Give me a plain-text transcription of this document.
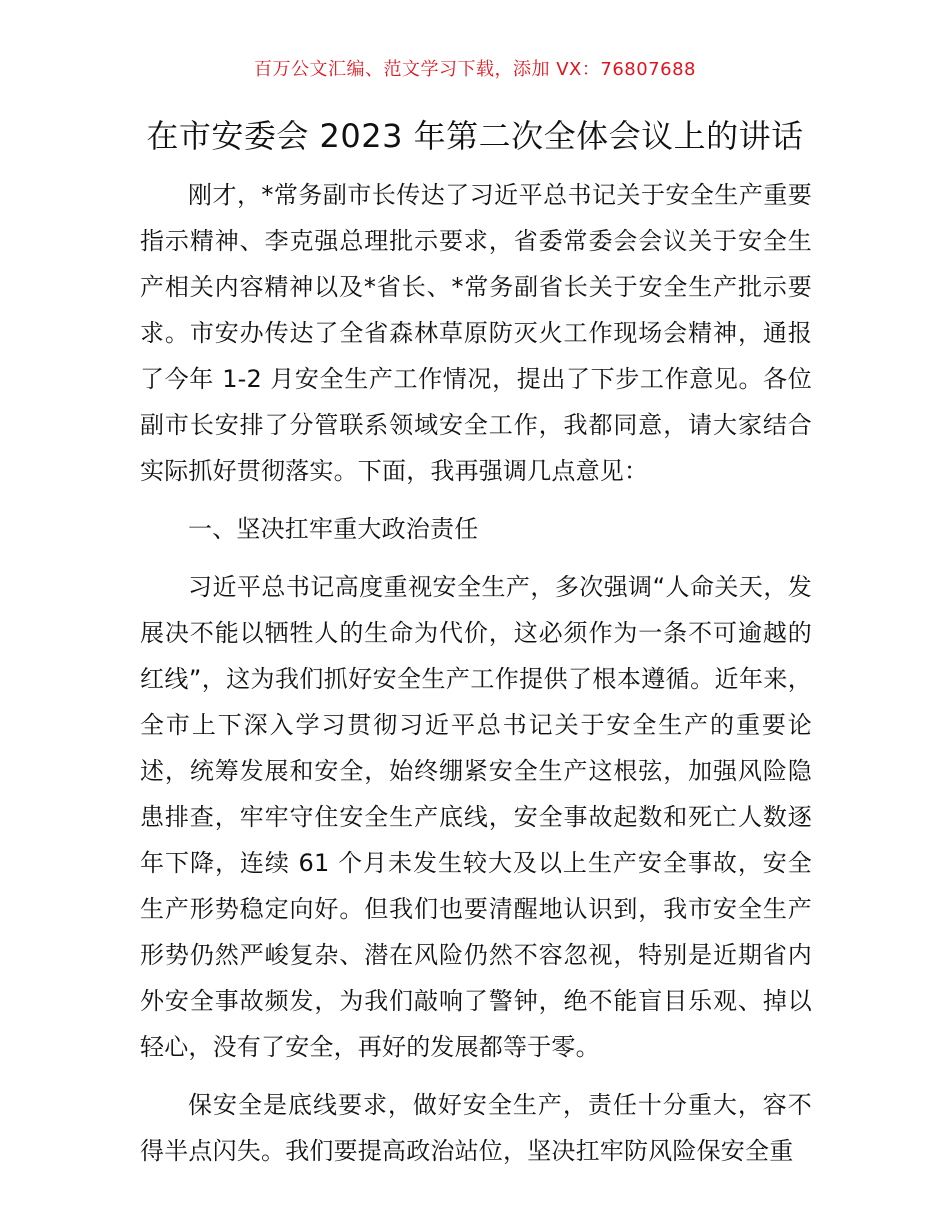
百万公文汇编、范文学习下载，添加 VX：76807688
在市安委会 2023 年第二次全体会议上的讲话

刚才，*常务副市长传达了习近平总书记关于安全生产重要指示精神、李克强总理批示要求，省委常委会会议关于安全生产相关内容精神以及*省长、*常务副省长关于安全生产批示要求。市安办传达了全省森林草原防灭火工作现场会精神，通报了今年 1-2 月安全生产工作情况，提出了下步工作意见。各位副市长安排了分管联系领域安全工作，我都同意，请大家结合实际抓好贯彻落实。下面，我再强调几点意见：

一、坚决扛牢重大政治责任

习近平总书记高度重视安全生产，多次强调“人命关天，发展决不能以牺牲人的生命为代价，这必须作为一条不可逾越的红线”，这为我们抓好安全生产工作提供了根本遵循。近年来，全市上下深入学习贯彻习近平总书记关于安全生产的重要论述，统筹发展和安全，始终绷紧安全生产这根弦，加强风险隐患排查，牢牢守住安全生产底线，安全事故起数和死亡人数逐年下降，连续 61 个月未发生较大及以上生产安全事故，安全生产形势稳定向好。但我们也要清醒地认识到，我市安全生产形势仍然严峻复杂、潜在风险仍然不容忽视，特别是近期省内外安全事故频发，为我们敲响了警钟，绝不能盲目乐观、掉以轻心，没有了安全，再好的发展都等于零。

保安全是底线要求，做好安全生产，责任十分重大，容不得半点闪失。我们要提高政治站位，坚决扛牢防风险保安全重
